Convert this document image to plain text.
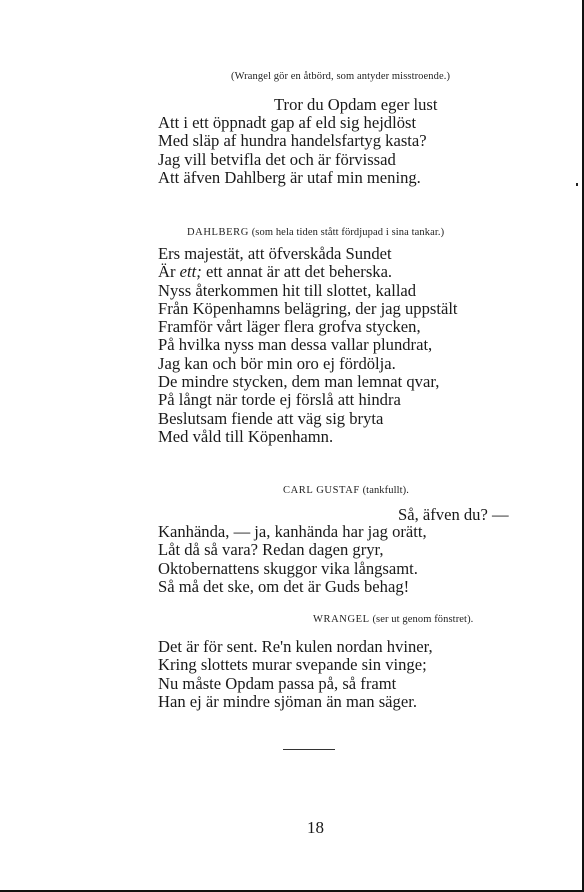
(Wrangel gör en åtbörd, som antyder misstroende.)
Tror du Opdam eger lust
Att i ett öppnadt gap af eld sig hejdlöst
Med släp af hundra handelsfartyg kasta?
Jag vill betvifla det och är förvissad
Att äfven Dahlberg är utaf min mening.
DAHLBERG (som hela tiden stått fördjupad i sina tankar.)
Ers majestät, att öfverskåda Sundet
Är ett; ett annat är att det beherska.
Nyss återkommen hit till slottet, kallad
Från Köpenhamns belägring, der jag uppstält
Framför vårt läger flera grofva stycken,
På hvilka nyss man dessa vallar plundrat,
Jag kan och bör min oro ej fördölja.
De mindre stycken, dem man lemnat qvar,
På långt när torde ej förslå att hindra
Beslutsam fiende att väg sig bryta
Med våld till Köpenhamn.
CARL GUSTAF (tankfullt).
Så, äfven du? —
Kanhända, — ja, kanhända har jag orätt,
Låt då så vara? Redan dagen gryr,
Oktobernattens skuggor vika långsamt.
Så må det ske, om det är Guds behag!
WRANGEL (ser ut genom fönstret).
Det är för sent. Re'n kulen nordan hviner,
Kring slottets murar svepande sin vinge;
Nu måste Opdam passa på, så framt
Han ej är mindre sjöman än man säger.
18
